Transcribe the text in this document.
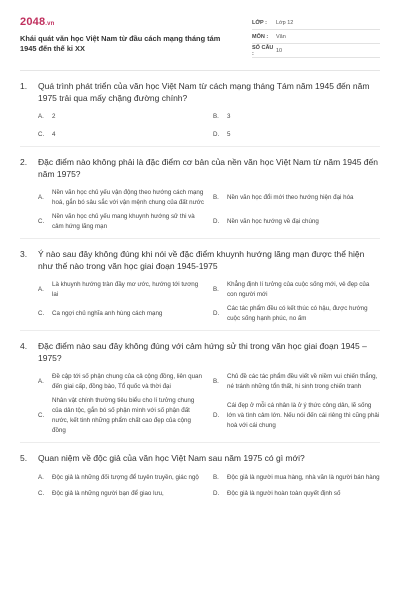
2048.vn
Khái quát văn học Việt Nam từ đầu cách mạng tháng tám 1945 đến thế kỉ XX
LỚP :	Lớp 12
MÔN :	Văn
SỐ CÂU :	10
1.	Quá trình phát triển của văn học Việt Nam từ cách mạng tháng Tám năm 1945 đến năm 1975 trải qua mấy chặng đường chính?
A.	2	B.	3
C.	4	D.	5
2.	Đặc điểm nào không phải là đặc điểm cơ bản của nền văn học Việt Nam từ năm 1945 đến năm 1975?
A.
Nền văn học chủ yếu vận động theo hướng cách mạng hoá, gắn bó sâu sắc với vận mệnh chung của đất nước
B.	Nền văn học đổi mới theo hướng hiện đại hóa
C.
Nền văn học chủ yếu mang khuynh hướng sử thi và cảm hứng lãng mạn
D.	Nền văn học hướng về đại chúng
3.	Ý nào sau đây không đúng khi nói về đặc điểm khuynh hướng lãng mạn được thể hiện như thế nào trong văn học giai đoạn 1945-1975
A.
Là khuynh hướng tràn đầy mơ ước, hướng tới tương lai
B.
Khẳng định lí tưởng của cuộc sống mới, vẻ đẹp của con người mới
C.	Ca ngợi chủ nghĩa anh hùng cách mạng	D.
Các tác phẩm đều có kết thúc có hậu, được hướng cuộc sống hạnh phúc, no ấm
4.	Đặc điểm nào sau đây không đúng với cảm hứng sử thi trong văn học giai đoạn 1945 – 1975?
A.
Đề cập tới số phận chung của cả cộng đồng, liên quan đến giai cấp, đồng bào, Tổ quốc và thời đại
B.
Chủ đề các tác phẩm đều viết về niềm vui chiến thắng, né tránh những tổn thất, hi sinh trong chiến tranh
C.
Nhân vật chính thường tiêu biểu cho lí tưởng chung của dân tộc, gắn bó số phận mình với số phận đất nước, kết tinh những phẩm chất cao đẹp của cộng đồng
D.
Cái đẹp ở mỗi cá nhân là ở ý thức công dân, lẽ sống lớn và tình cảm lớn. Nếu nói đến cái riêng thì cũng phải hoà với cái chung
5.	Quan niệm về độc giả của văn học Việt Nam sau năm 1975 có gì mới?
A.	Độc giả là những đối tượng để tuyên truyền, giác ngộ	B.	Độc giả là người mua hàng, nhà văn là người bán hàng
C.	Độc giả là những người bạn để giao lưu,	D.	Độc giả là người hoàn toàn quyết định số
